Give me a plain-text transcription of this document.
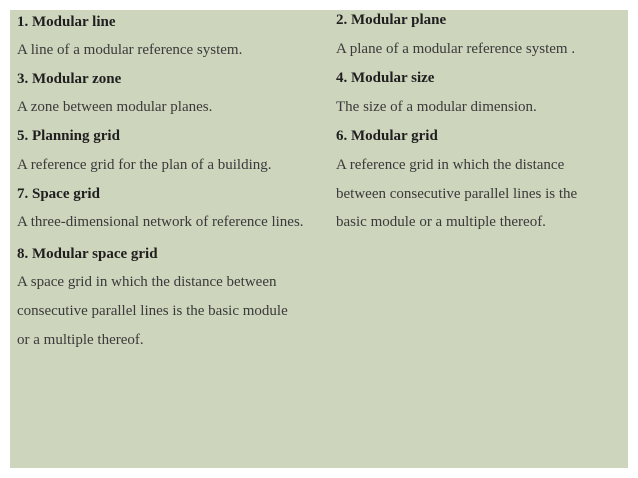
1. Modular line
A line of a modular reference system.
3. Modular zone
A zone between modular planes.
5. Planning grid
A reference grid for the plan of a building.
7. Space grid
A three-dimensional network of reference lines.
8. Modular space grid
A space grid in which the distance between
consecutive parallel lines is the basic module
or a multiple thereof.
2. Modular plane
A plane of a modular reference system .
4. Modular size
The size of a modular dimension.
6. Modular grid
A reference grid in which the distance
between consecutive parallel lines is the
basic module or a multiple thereof.
